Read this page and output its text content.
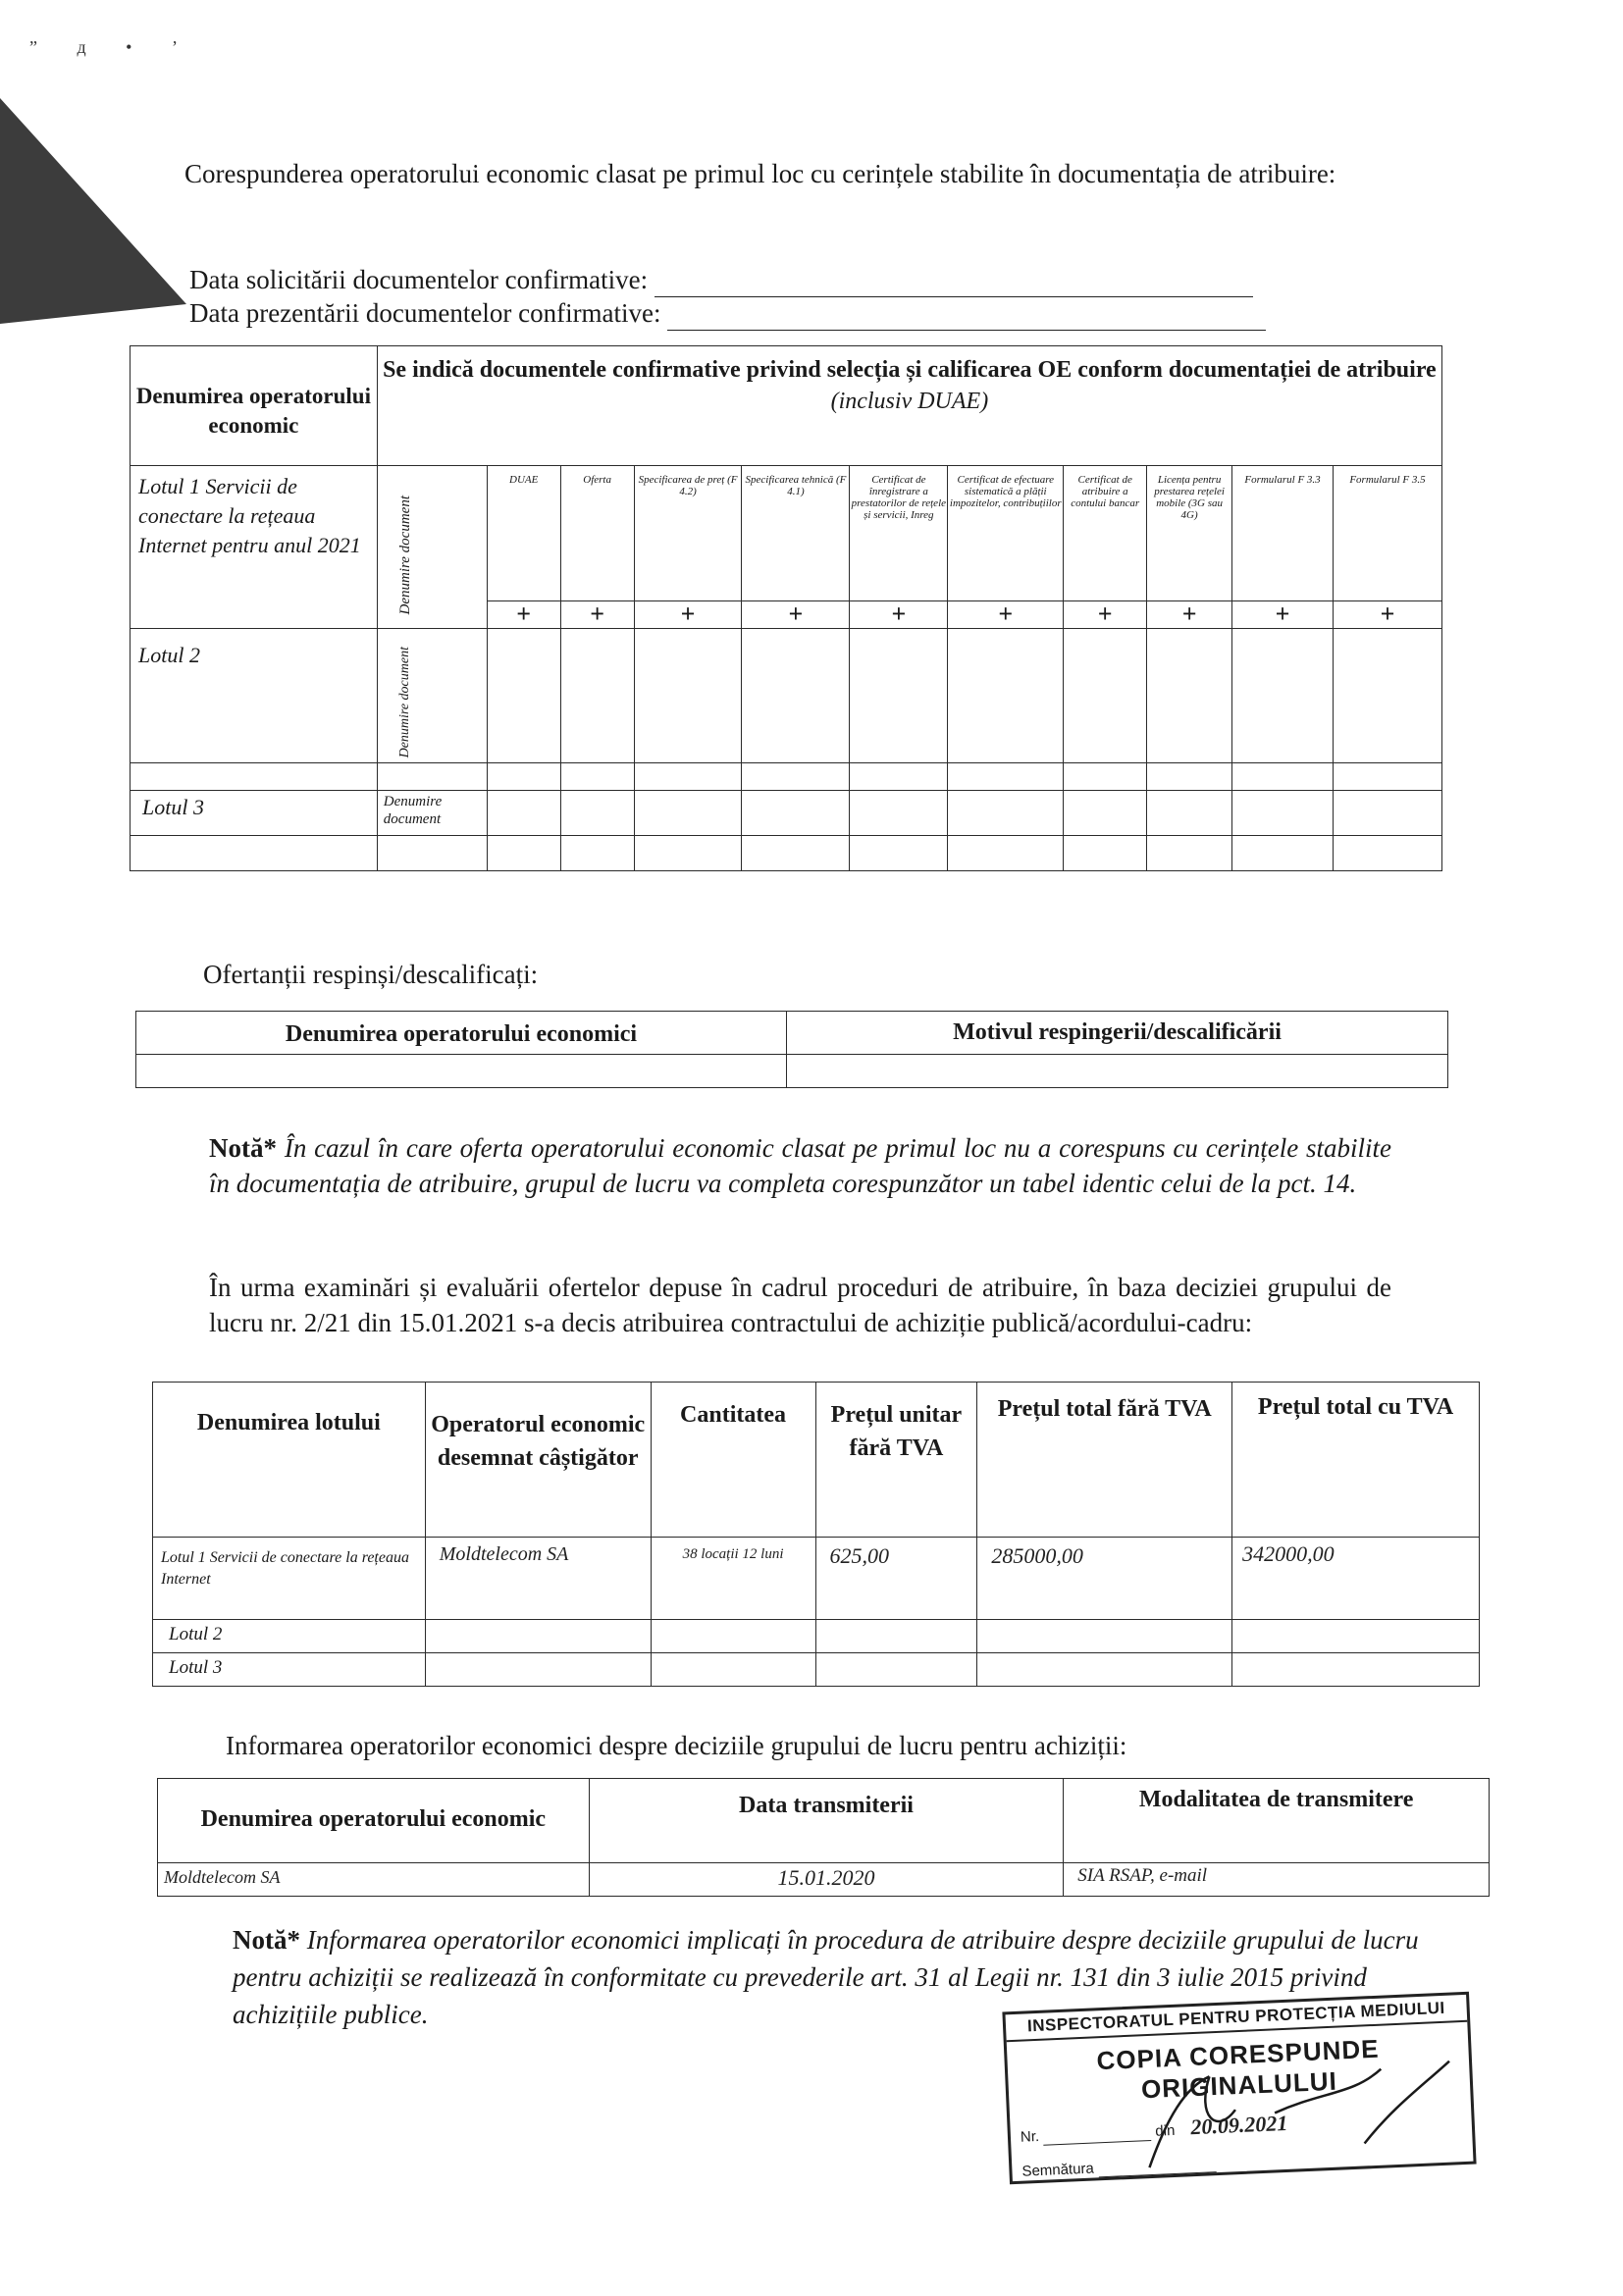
” д • ʼ
Corespunderea operatorului economic clasat pe primul loc cu cerințele stabilite în documentația de atribuire:
Data solicitării documentelor confirmative:
Data prezentării documentelor confirmative:
Denumirea operatorului economic	Se indică documentele confirmative privind selecția și calificarea OE conform documentației de atribuire (inclusiv DUAE)										
Lotul 1 Servicii de conectare la rețeaua Internet pentru anul 2021	Denumire document	DUAE	Oferta	Specificarea de preț (F 4.2)	Specificarea tehnică (F 4.1)	Certificat de înregistrare a prestatorilor de rețele și servicii, Inreg	Certificat de efectuare sistematică a plății impozitelor, contribuțiilor	Certificat de atribuire a contului bancar	Licența pentru prestarea rețelei mobile (3G sau 4G)	Formularul F 3.3	Formularul F 3.5
		+	+	+	+	+	+	+	+	+	+
Lotul 2	Denumire document										

Lotul 3	Denumire document										

Ofertanții respinși/descalificați:
Denumirea operatorului economici	Motivul respingerii/descalificării

Notă* În cazul în care oferta operatorului economic clasat pe primul loc nu a corespuns cu cerințele stabilite în documentația de atribuire, grupul de lucru va completa corespunzător un tabel identic celui de la pct. 14.
În urma examinări și evaluării ofertelor depuse în cadrul proceduri de atribuire, în baza deciziei grupului de lucru nr. 2/21 din 15.01.2021 s-a decis atribuirea contractului de achiziție publică/acordului-cadru:
Denumirea lotului	Operatorul economic desemnat câștigător	Cantitatea	Prețul unitar fără TVA	Prețul total fără TVA	Prețul total cu TVA
Lotul 1 Servicii de conectare la rețeaua Internet	Moldtelecom SA	38 locații 12 luni	625,00	285000,00	342000,00
Lotul 2					
Lotul 3					
Informarea operatorilor economici despre deciziile grupului de lucru pentru achiziții:
Denumirea operatorului economic	Data transmiterii	Modalitatea de transmitere
Moldtelecom SA	15.01.2020	SIA RSAP, e-mail
Notă* Informarea operatorilor economici implicați în procedura de atribuire despre deciziile grupului de lucru pentru achiziții se realizează în conformitate cu prevederile art. 31 al Legii nr. 131 din 3 iulie 2015 privind achizițiile publice.	INSPECTORATUL PENTRU PROTECȚIA MEDIULUI
COPIA CORESPUNDE ORIGINALULUI
Nr.	din 20.09.2021
Semnătura
